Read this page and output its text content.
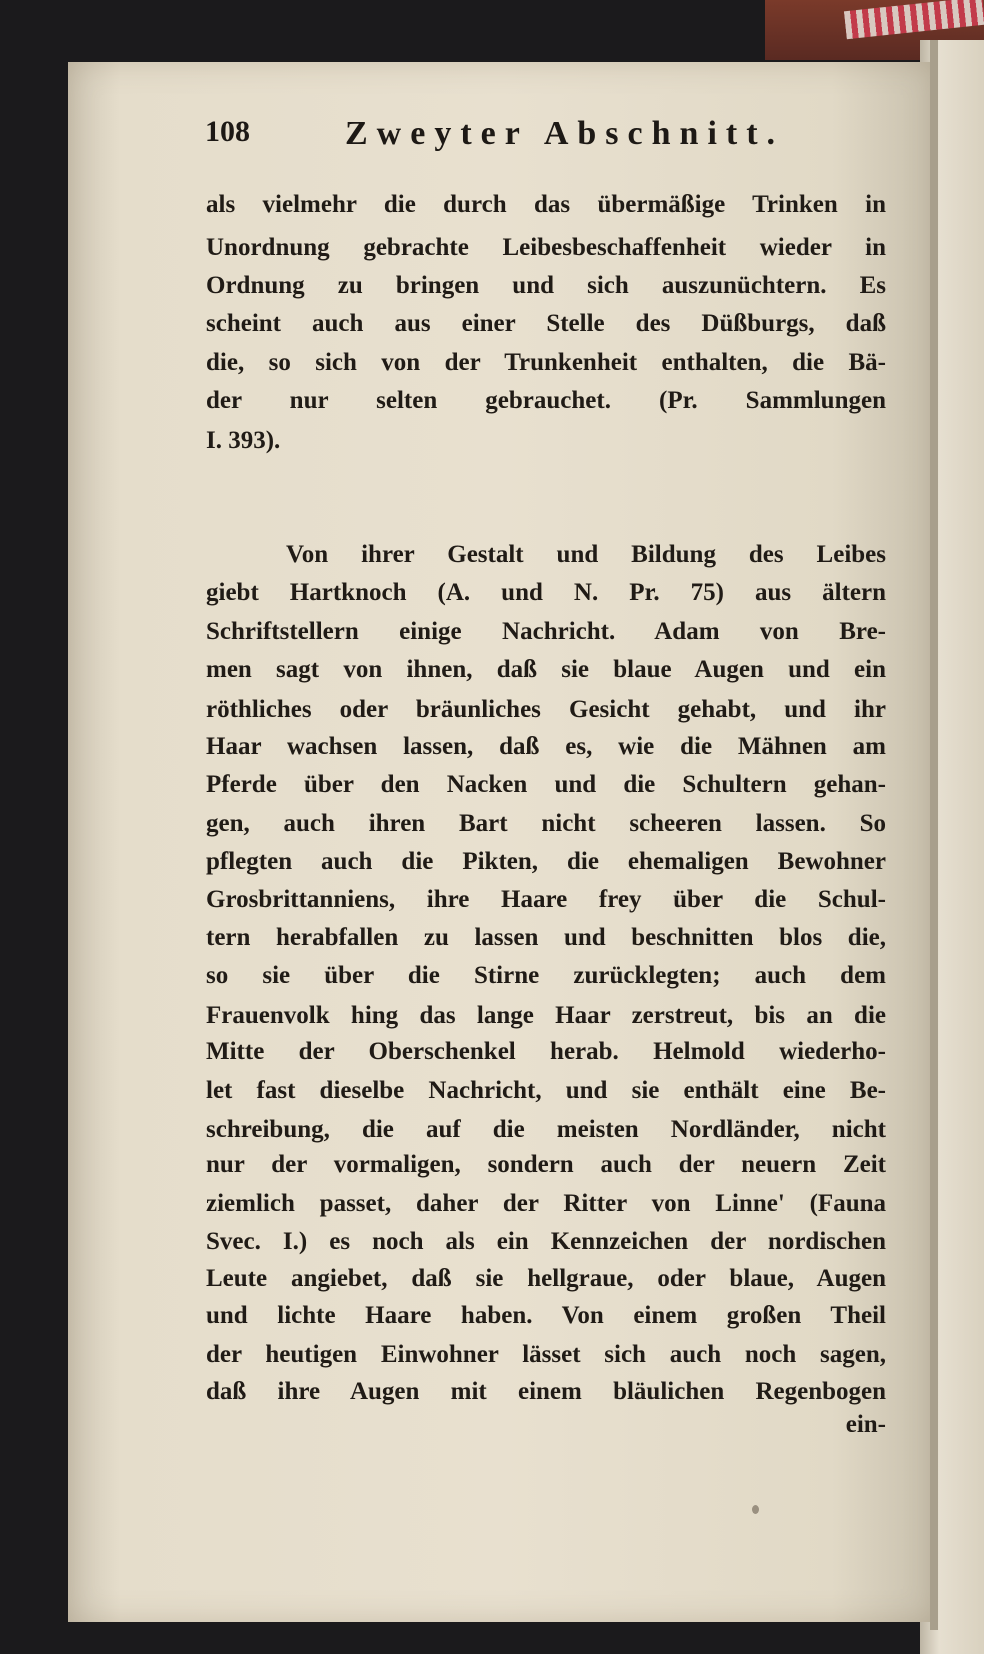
108	Zweyter Abschnitt.
als vielmehr die durch das übermäßige Trinken in
Unordnung gebrachte Leibesbeschaffenheit wieder in
Ordnung zu bringen und sich auszunüchtern. Es
scheint auch aus einer Stelle des Düßburgs, daß
die, so sich von der Trunkenheit enthalten, die Bä-
der nur selten gebrauchet. (Pr. Sammlungen
I. 393).
Von ihrer Gestalt und Bildung des Leibes
giebt Hartknoch (A. und N. Pr. 75) aus ältern
Schriftstellern einige Nachricht. Adam von Bre-
men sagt von ihnen, daß sie blaue Augen und ein
röthliches oder bräunliches Gesicht gehabt, und ihr
Haar wachsen lassen, daß es, wie die Mähnen am
Pferde über den Nacken und die Schultern gehan-
gen, auch ihren Bart nicht scheeren lassen. So
pflegten auch die Pikten, die ehemaligen Bewohner
Grosbrittanniens, ihre Haare frey über die Schul-
tern herabfallen zu lassen und beschnitten blos die,
so sie über die Stirne zurücklegten; auch dem
Frauenvolk hing das lange Haar zerstreut, bis an die
Mitte der Oberschenkel herab. Helmold wiederho-
let fast dieselbe Nachricht, und sie enthält eine Be-
schreibung, die auf die meisten Nordländer, nicht
nur der vormaligen, sondern auch der neuern Zeit
ziemlich passet, daher der Ritter von Linne' (Fauna
Svec. I.) es noch als ein Kennzeichen der nordischen
Leute angiebet, daß sie hellgraue, oder blaue, Augen
und lichte Haare haben. Von einem großen Theil
der heutigen Einwohner lässet sich auch noch sagen,
daß ihre Augen mit einem bläulichen Regenbogen
ein-
